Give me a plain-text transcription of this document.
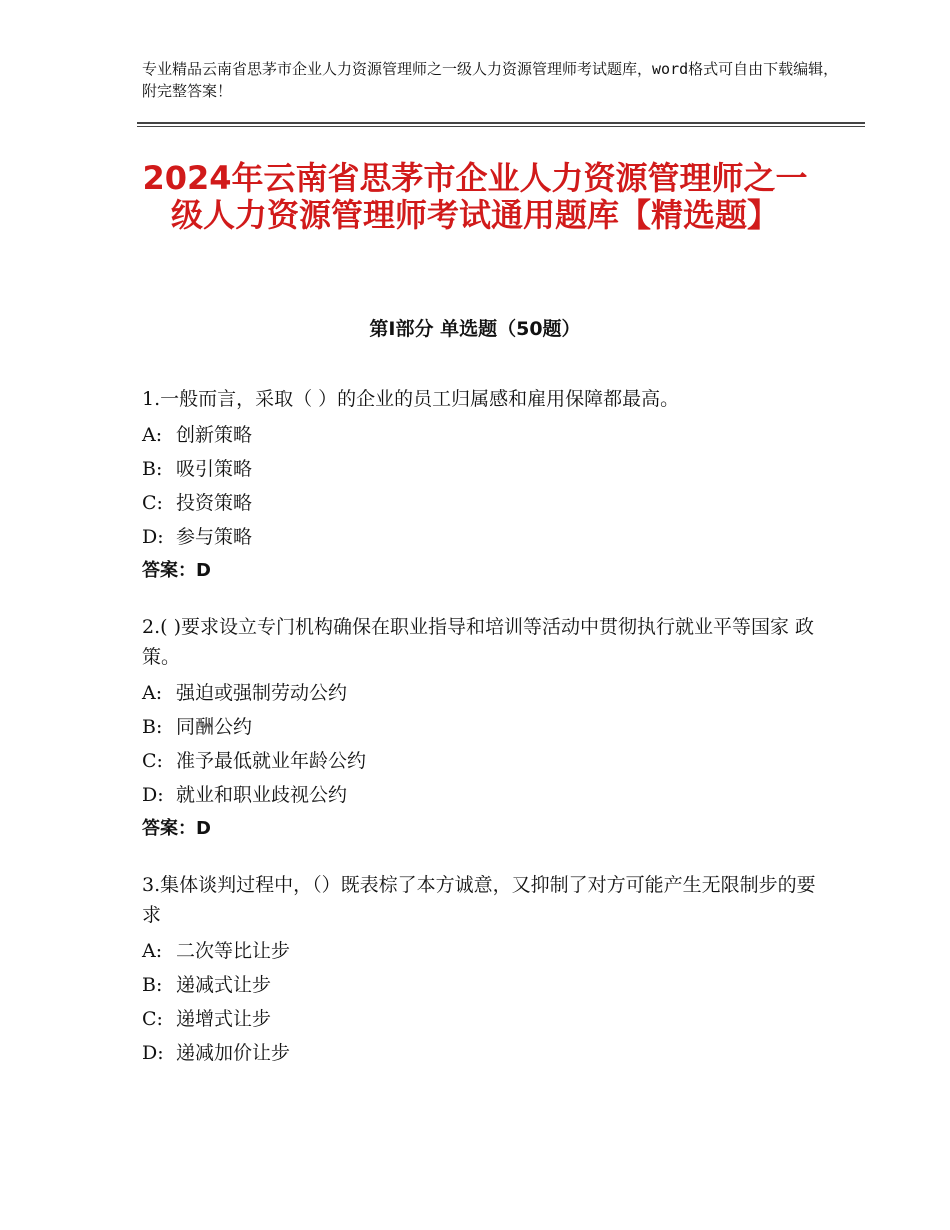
专业精品云南省思茅市企业人力资源管理师之一级人力资源管理师考试题库，word格式可自由下载编辑，附完整答案！
2024年云南省思茅市企业人力资源管理师之一级人力资源管理师考试通用题库【精选题】
第Ⅰ部分 单选题（50题）
1.一般而言，采取（ ）的企业的员工归属感和雇用保障都最高。
A: 创新策略
B: 吸引策略
C: 投资策略
D: 参与策略
答案：D
2.( )要求设立专门机构确保在职业指导和培训等活动中贯彻执行就业平等国家 政策。
A: 强迫或强制劳动公约
B: 同酬公约
C: 准予最低就业年龄公约
D: 就业和职业歧视公约
答案：D
3.集体谈判过程中，（）既表棕了本方诚意，又抑制了对方可能产生无限制步的要求
A: 二次等比让步
B: 递减式让步
C: 递增式让步
D: 递减加价让步
